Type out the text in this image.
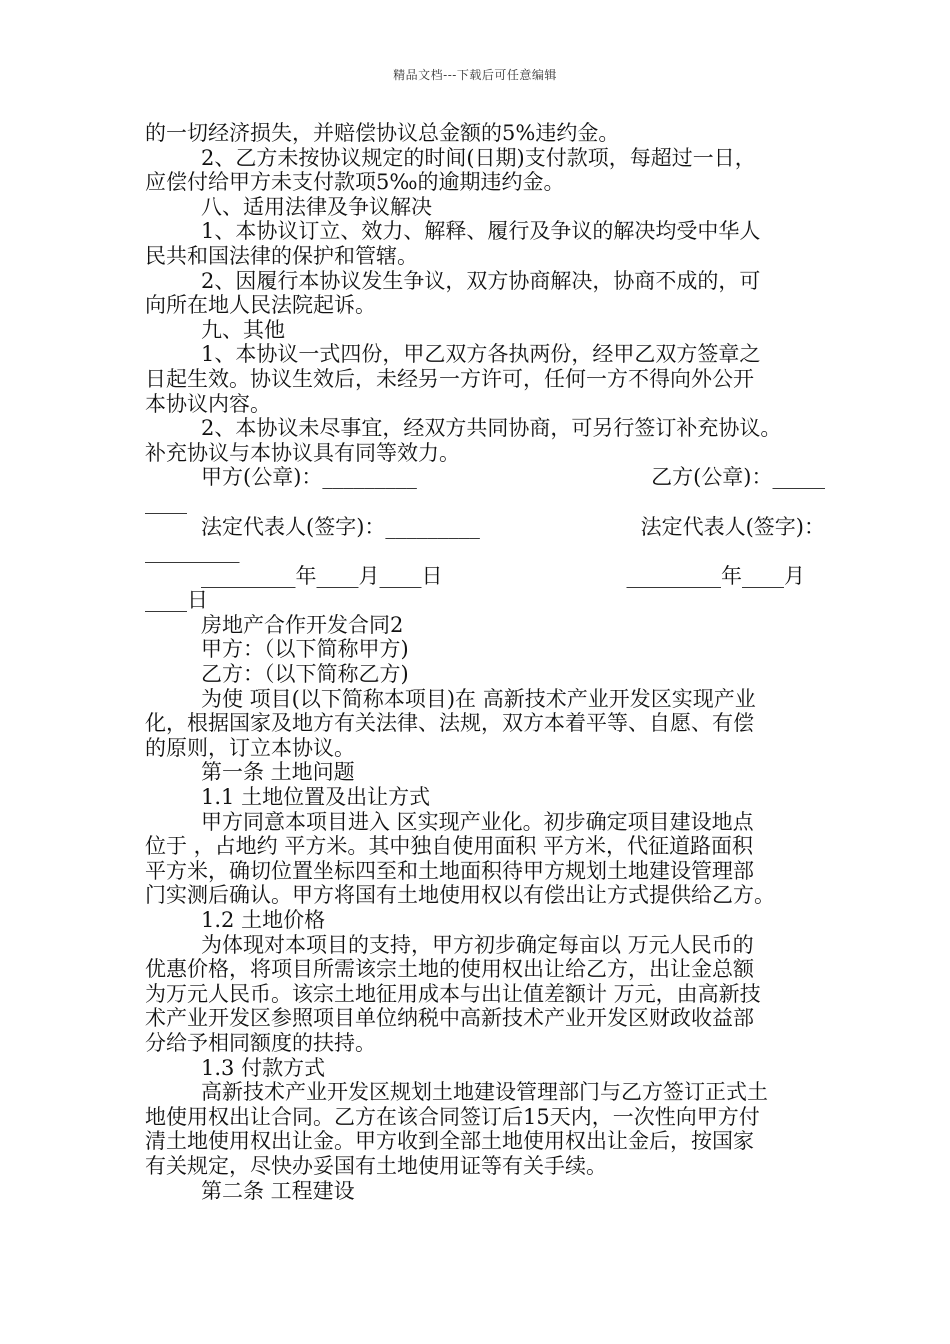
精品文档---下载后可任意编辑
的一切经济损失，并赔偿协议总金额的5%违约金。
2、乙方未按协议规定的时间(日期)支付款项，每超过一日，
应偿付给甲方未支付款项5‰的逾期违约金。
八、适用法律及争议解决
1、本协议订立、效力、解释、履行及争议的解决均受中华人
民共和国法律的保护和管辖。
2、因履行本协议发生争议，双方协商解决，协商不成的，可
向所在地人民法院起诉。
九、其他
1、本协议一式四份，甲乙双方各执两份，经甲乙双方签章之
日起生效。协议生效后，未经另一方许可，任何一方不得向外公开
本协议内容。
2、本协议未尽事宜，经双方共同协商，可另行签订补充协议。
补充协议与本协议具有同等效力。
甲方(公章)：_________	乙方(公章)：_____
____
法定代表人(签字)：_________	法定代表人(签字)：
_________
_________年____月____日	_________年____月
____日
房地产合作开发合同2
甲方：（以下简称甲方)
乙方：（以下简称乙方)
为使 项目(以下简称本项目)在 高新技术产业开发区实现产业
化，根据国家及地方有关法律、法规，双方本着平等、自愿、有偿
的原则，订立本协议。
第一条 土地问题
1.1 土地位置及出让方式
甲方同意本项目进入 区实现产业化。初步确定项目建设地点
位于 ，占地约 平方米。其中独自使用面积 平方米，代征道路面积
平方米，确切位置坐标四至和土地面积待甲方规划土地建设管理部
门实测后确认。甲方将国有土地使用权以有偿出让方式提供给乙方。
1.2 土地价格
为体现对本项目的支持，甲方初步确定每亩以 万元人民币的
优惠价格，将项目所需该宗土地的使用权出让给乙方，出让金总额
为万元人民币。该宗土地征用成本与出让值差额计 万元，由高新技
术产业开发区参照项目单位纳税中高新技术产业开发区财政收益部
分给予相同额度的扶持。
1.3 付款方式
高新技术产业开发区规划土地建设管理部门与乙方签订正式土
地使用权出让合同。乙方在该合同签订后15天内，一次性向甲方付
清土地使用权出让金。甲方收到全部土地使用权出让金后，按国家
有关规定，尽快办妥国有土地使用证等有关手续。
第二条 工程建设
